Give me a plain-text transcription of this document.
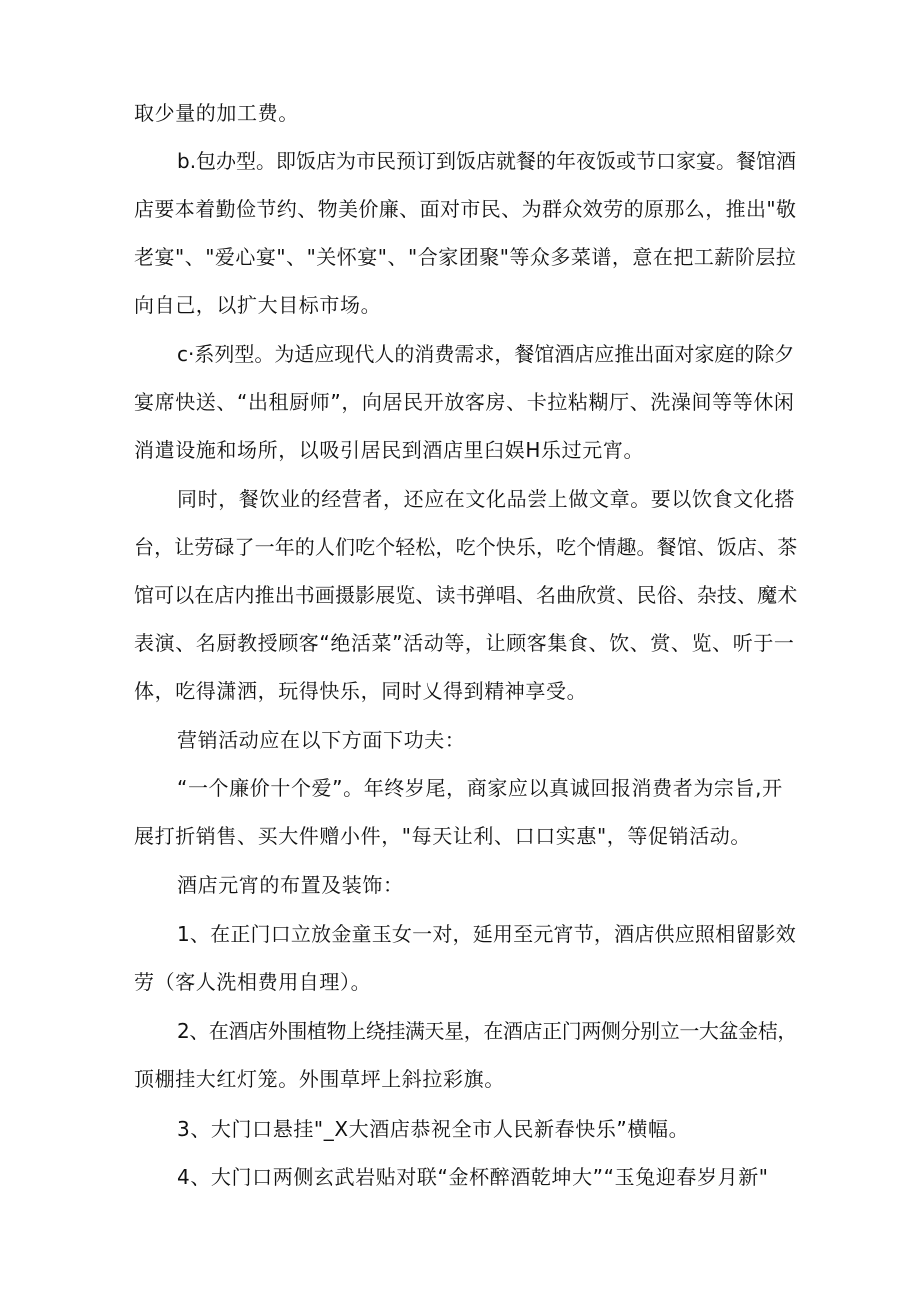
取少量的加工费。
b.包办型。即饭店为市民预订到饭店就餐的年夜饭或节口家宴。餐馆酒
店要本着勤俭节约、物美价廉、面对市民、为群众效劳的原那么，推出"敬
老宴"、"爱心宴"、"关怀宴"、"合家团聚"等众多菜谱，意在把工薪阶层拉
向自己，以扩大目标市场。
c·系列型。为适应现代人的消费需求，餐馆酒店应推出面对家庭的除夕
宴席快送、“出租厨师”，向居民开放客房、卡拉粘糊厅、洗澡间等等休闲
消遣设施和场所，以吸引居民到酒店里臼娱H乐过元宵。
同时，餐饮业的经营者，还应在文化品尝上做文章。要以饮食文化搭
台，让劳碌了一年的人们吃个轻松，吃个快乐，吃个情趣。餐馆、饭店、茶
馆可以在店内推出书画摄影展览、读书弹唱、名曲欣赏、民俗、杂技、魔术
表演、名厨教授顾客“绝活菜”活动等，让顾客集食、饮、赏、览、听于一
体，吃得潇洒，玩得快乐，同时乂得到精神享受。
营销活动应在以下方面下功夫：
“一个廉价十个爱”。年终岁尾，商家应以真诚回报消费者为宗旨,开
展打折销售、买大件赠小件，"每天让利、口口实惠"，等促销活动。
酒店元宵的布置及装饰：
1、在正门口立放金童玉女一对，延用至元宵节，酒店供应照相留影效
劳（客人洗相费用自理）。
2、在酒店外围植物上绕挂满天星，在酒店正门两侧分别立一大盆金桔，
顶棚挂大红灯笼。外围草坪上斜拉彩旗。
3、大门口悬挂"_X大酒店恭祝全市人民新春快乐”横幅。
4、大门口两侧玄武岩贴对联“金杯醉酒乾坤大”“玉兔迎春岁月新"
